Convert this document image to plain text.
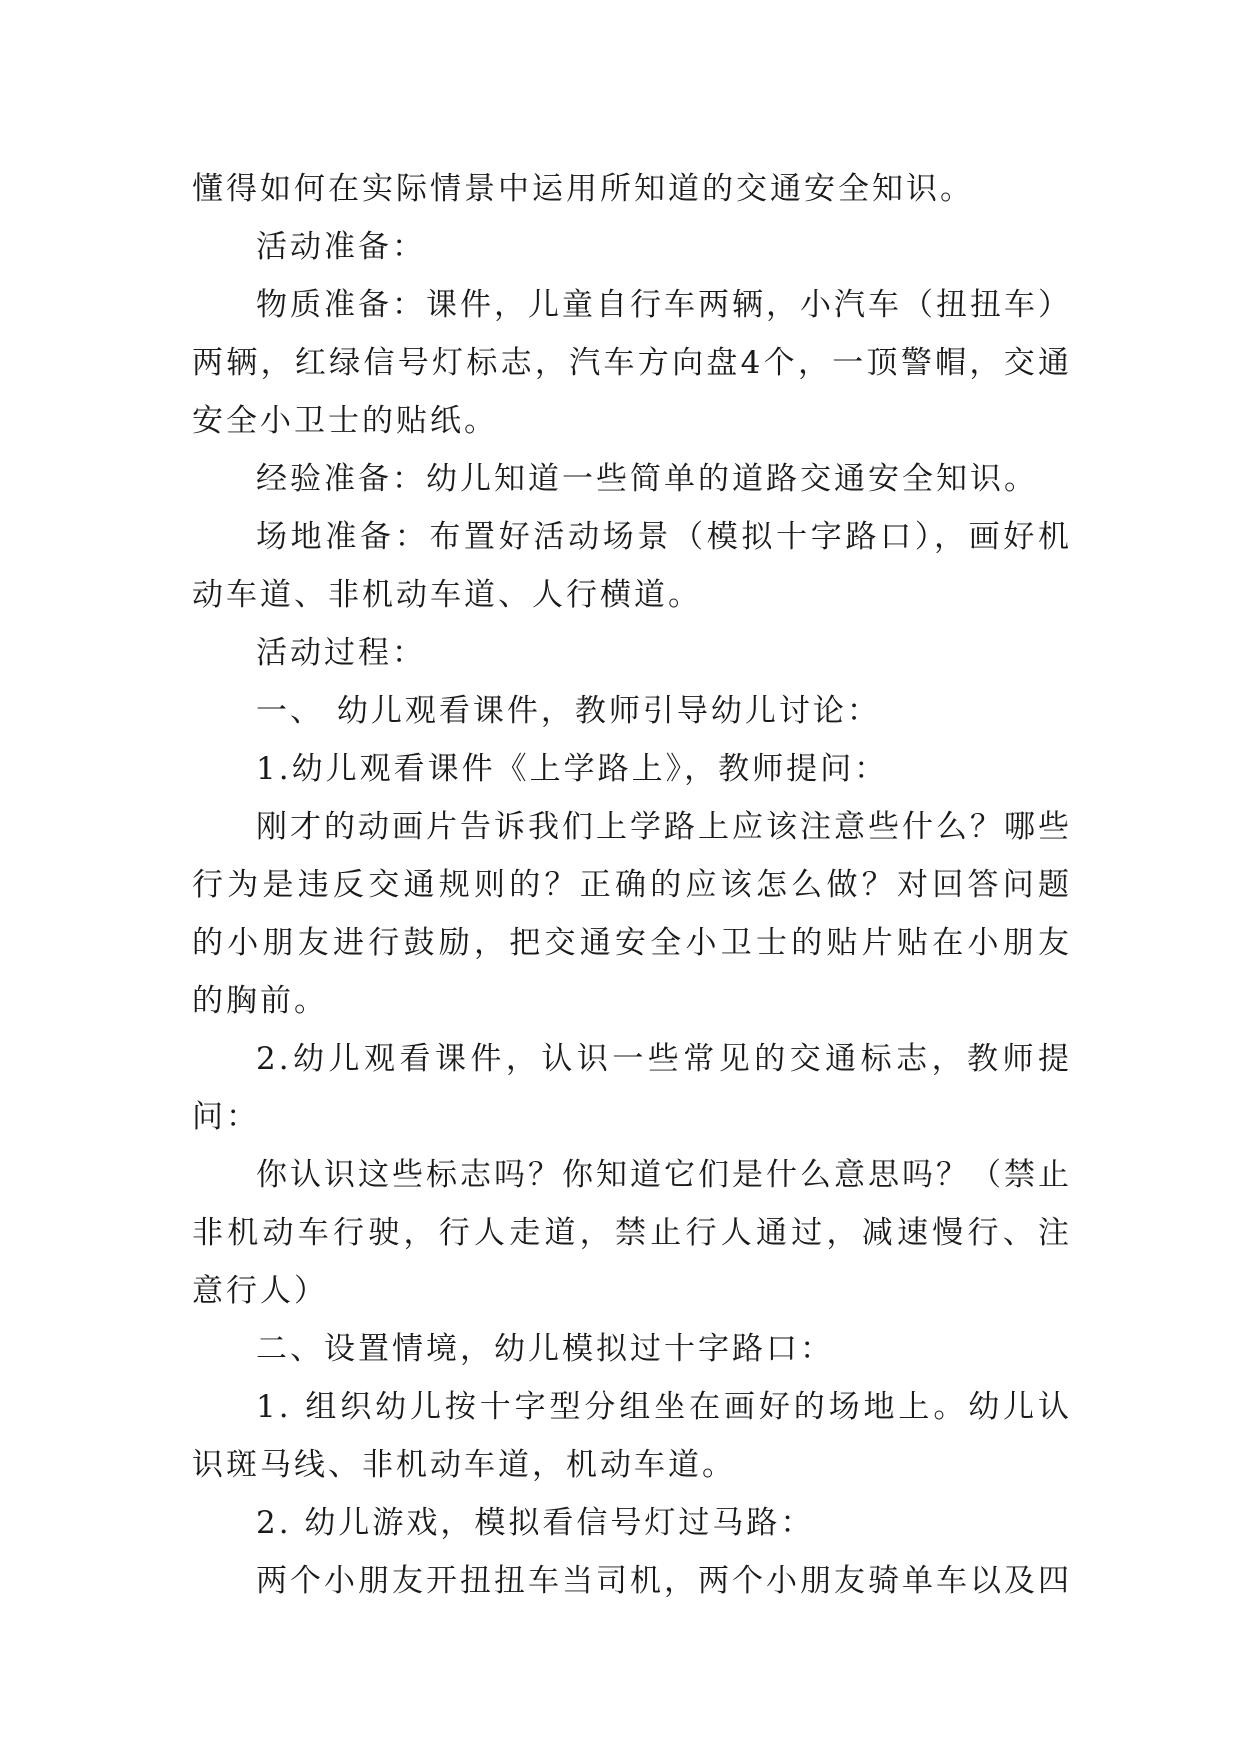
懂得如何在实际情景中运用所知道的交通安全知识。

活动准备：

物质准备：课件，儿童自行车两辆，小汽车（扭扭车）两辆，红绿信号灯标志，汽车方向盘4个，一顶警帽，交通安全小卫士的贴纸。

经验准备：幼儿知道一些简单的道路交通安全知识。

场地准备：布置好活动场景（模拟十字路口），画好机动车道、非机动车道、人行横道。

活动过程：

一、 幼儿观看课件，教师引导幼儿讨论：

1.幼儿观看课件《上学路上》，教师提问：

刚才的动画片告诉我们上学路上应该注意些什么？哪些行为是违反交通规则的？正确的应该怎么做？对回答问题的小朋友进行鼓励，把交通安全小卫士的贴片贴在小朋友的胸前。

2.幼儿观看课件，认识一些常见的交通标志，教师提问：

你认识这些标志吗？你知道它们是什么意思吗？（禁止非机动车行驶，行人走道，禁止行人通过，减速慢行、注意行人）

二、设置情境，幼儿模拟过十字路口：

1. 组织幼儿按十字型分组坐在画好的场地上。幼儿认识斑马线、非机动车道，机动车道。

2. 幼儿游戏，模拟看信号灯过马路：

两个小朋友开扭扭车当司机，两个小朋友骑单车以及四
